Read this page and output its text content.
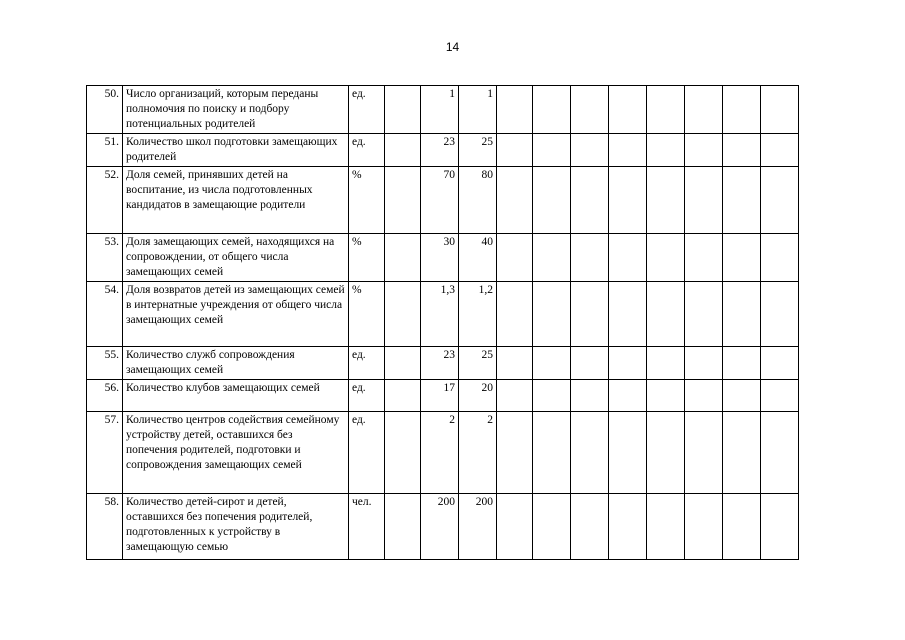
14
50.	Число организаций, которым переданы полномочия по поиску и подбору потенциальных родителей	ед.		1	1								
51.	Количество школ подготовки замещающих родителей	ед.		23	25								
52.	Доля семей, принявших детей на воспитание, из числа подготовленных кандидатов в замещающие родители	%		70	80								
53.	Доля замещающих семей, находящихся на сопровождении, от общего числа замещающих семей	%		30	40								
54.	Доля возвратов детей из замещающих семей в интернатные учреждения от общего числа замещающих семей	%		1,3	1,2								
55.	Количество служб сопровождения замещающих семей	ед.		23	25								
56.	Количество клубов замещающих семей	ед.		17	20								
57.	Количество центров содействия семейному устройству детей, оставшихся без попечения родителей, подготовки и сопровождения замещающих семей	ед.		2	2								
58.	Количество детей-сирот и детей, оставшихся без попечения родителей, подготовленных к устройству в замещающую семью	чел.		200	200								
